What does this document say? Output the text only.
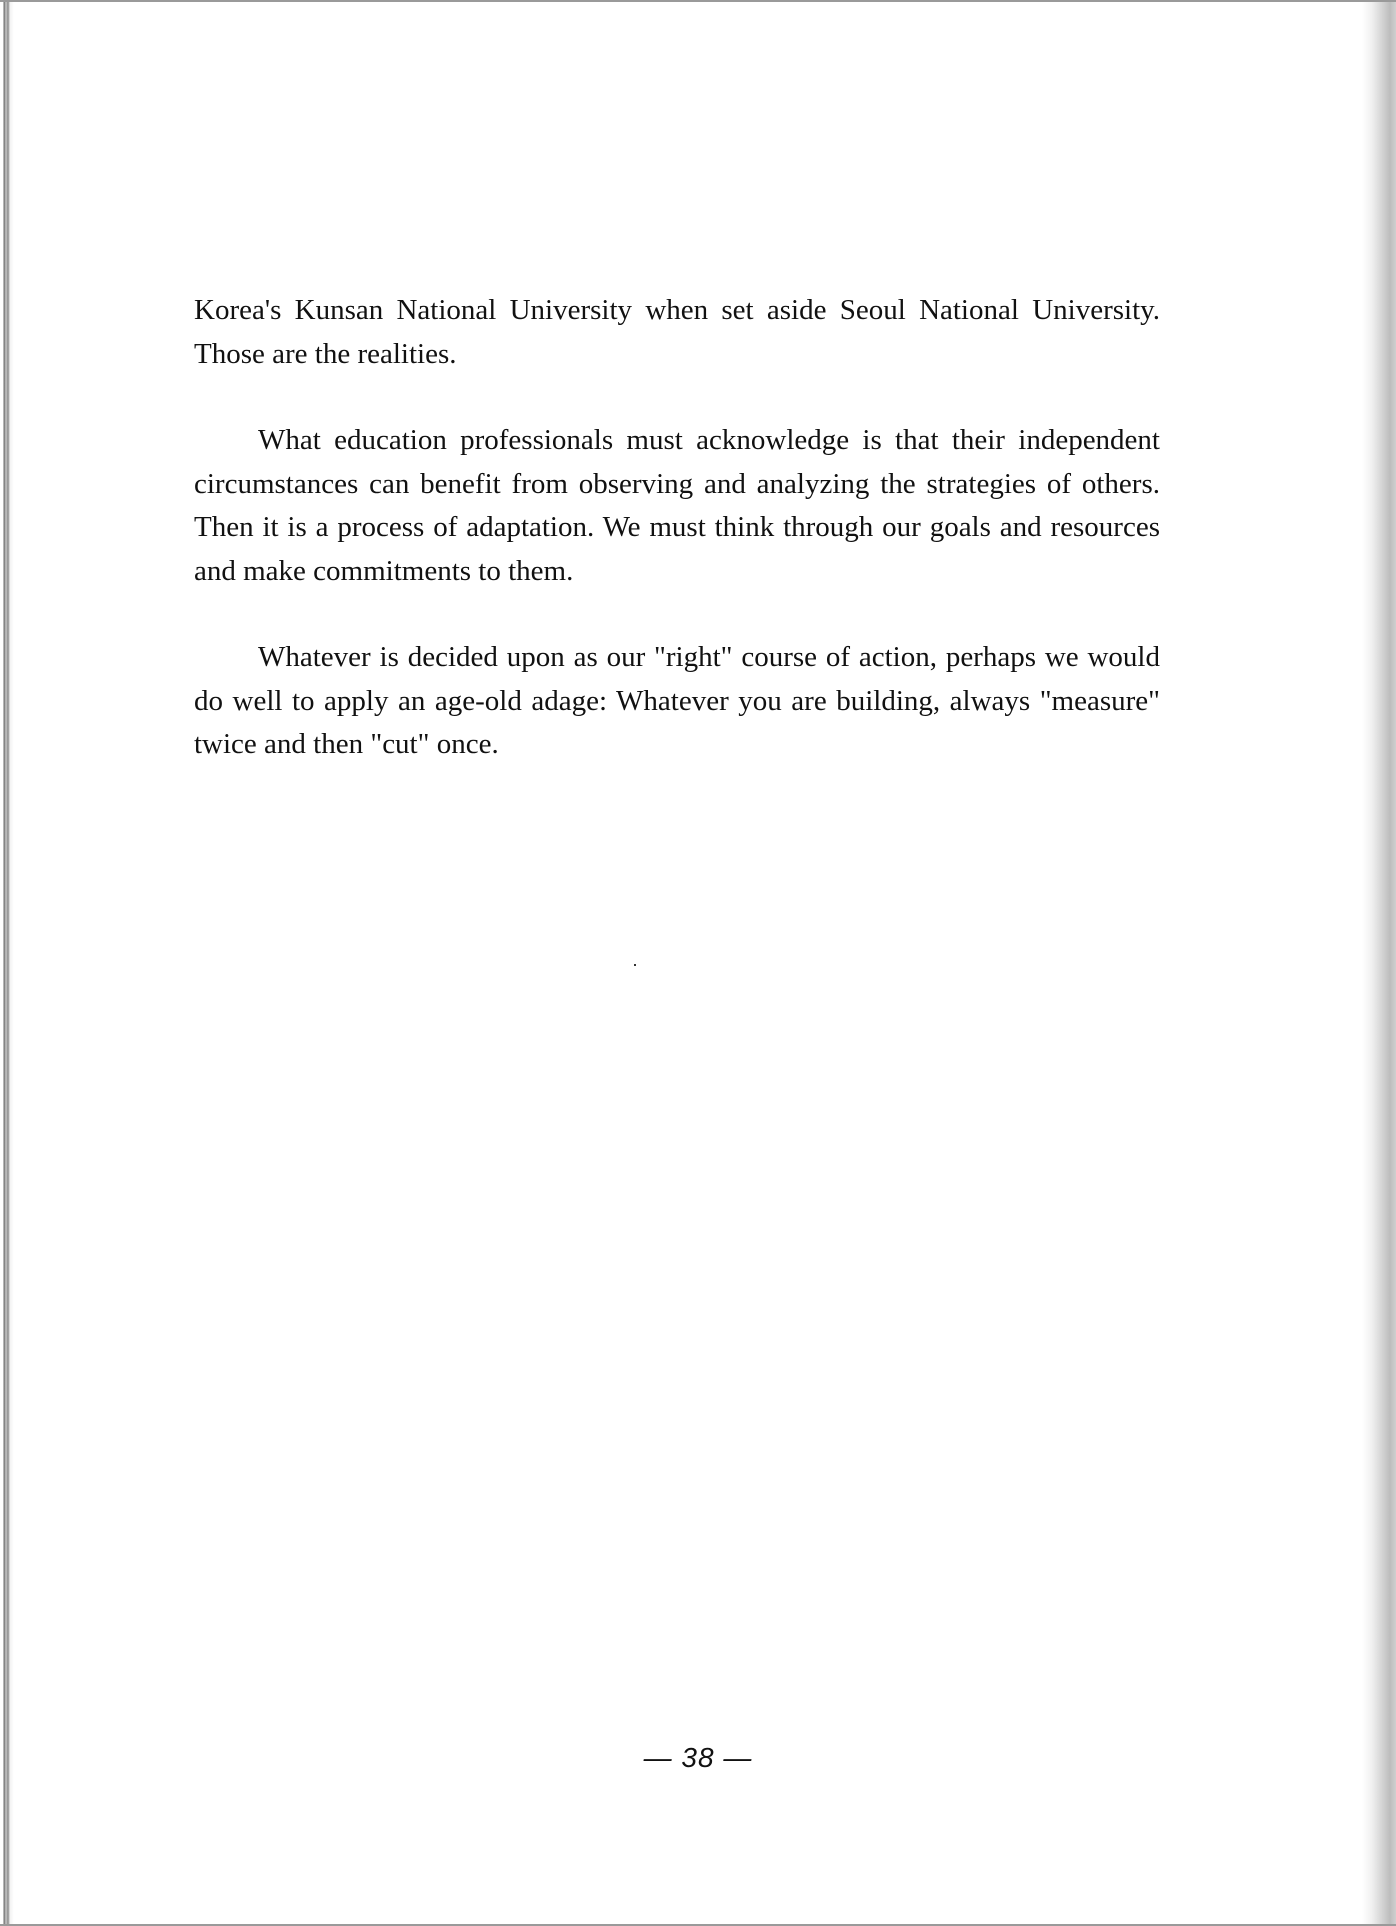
Korea's Kunsan National University when set aside Seoul National University. Those are the realities.

What education professionals must acknowledge is that their independent circumstances can benefit from observing and analyzing the strategies of others. Then it is a process of adaptation. We must think through our goals and resources and make commitments to them.

Whatever is decided upon as our "right" course of action, perhaps we would do well to apply an age-old adage: Whatever you are building, always "measure" twice and then "cut" once.

— 38 —
